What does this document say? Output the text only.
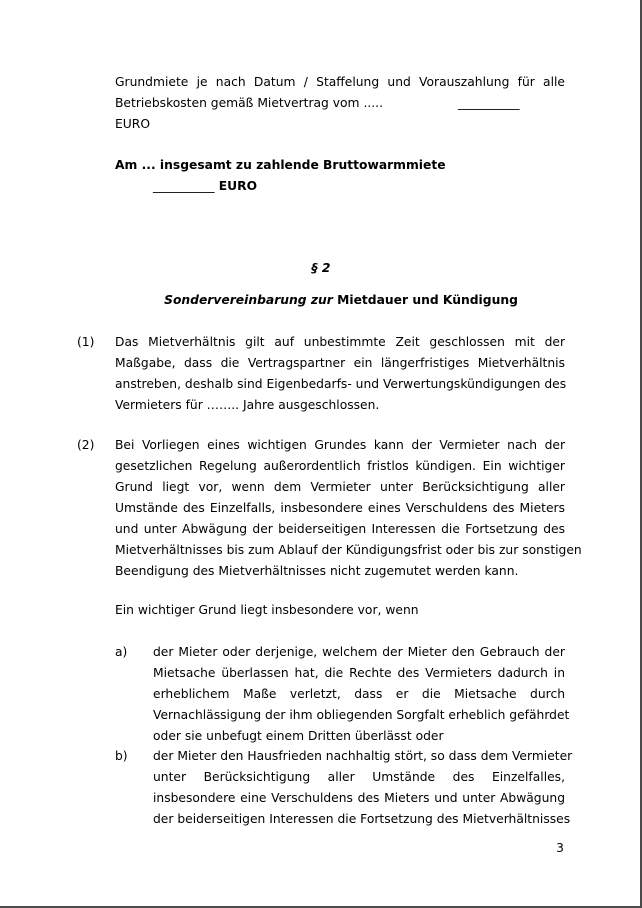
Grundmiete je nach Datum / Staffelung und Vorauszahlung für alle
Betriebskosten gemäß Mietvertrag vom .....	__________
EURO
Am ... insgesamt zu zahlende Bruttowarmmiete
__________ EURO
§ 2
Sondervereinbarung zur Mietdauer und Kündigung
(1) Das Mietverhältnis gilt auf unbestimmte Zeit geschlossen mit der
Maßgabe, dass die Vertragspartner ein längerfristiges Mietverhältnis
anstreben, deshalb sind Eigenbedarfs- und Verwertungskündigungen des
Vermieters für …….. Jahre ausgeschlossen.
(2) Bei Vorliegen eines wichtigen Grundes kann der Vermieter nach der
gesetzlichen Regelung außerordentlich fristlos kündigen. Ein wichtiger
Grund liegt vor, wenn dem Vermieter unter Berücksichtigung aller
Umstände des Einzelfalls, insbesondere eines Verschuldens des Mieters
und unter Abwägung der beiderseitigen Interessen die Fortsetzung des
Mietverhältnisses bis zum Ablauf der Kündigungsfrist oder bis zur sonstigen
Beendigung des Mietverhältnisses nicht zugemutet werden kann.
Ein wichtiger Grund liegt insbesondere vor, wenn
a) der Mieter oder derjenige, welchem der Mieter den Gebrauch der
Mietsache überlassen hat, die Rechte des Vermieters dadurch in
erheblichem Maße verletzt, dass er die Mietsache durch
Vernachlässigung der ihm obliegenden Sorgfalt erheblich gefährdet
oder sie unbefugt einem Dritten überlässt oder
b) der Mieter den Hausfrieden nachhaltig stört, so dass dem Vermieter
unter Berücksichtigung aller Umstände des Einzelfalles,
insbesondere eine Verschuldens des Mieters und unter Abwägung
der beiderseitigen Interessen die Fortsetzung des Mietverhältnisses
3
